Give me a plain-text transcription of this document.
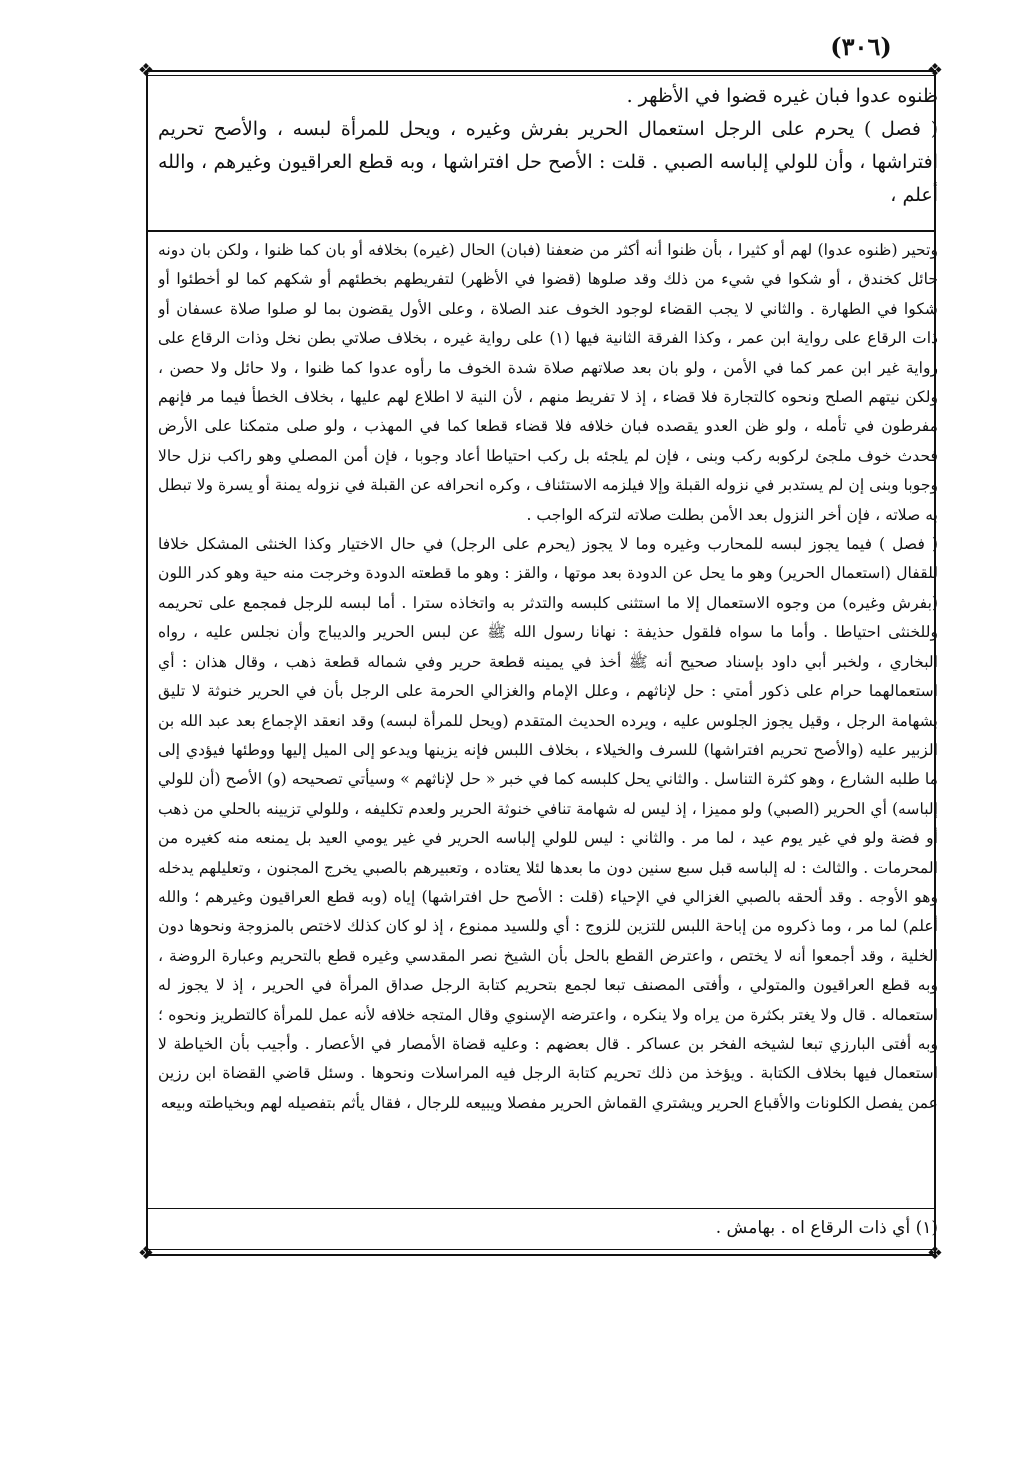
(٣٠٦)
❖	❖
❖	❖

ظنوه عدوا فبان غيره قضوا في الأظهر .

( فصل ) يحرم على الرجل استعمال الحرير بفرش وغيره ، ويحل للمرأة لبسه ، والأصح تحريم افتراشها ، وأن للولي إلباسه الصبي . قلت : الأصح حل افتراشها ، وبه قطع العراقيون وغيرهم ، والله أعلم ،

وتحير (ظنوه عدوا) لهم أو كثيرا ، بأن ظنوا أنه أكثر من ضعفنا (فبان) الحال (غيره) بخلافه أو بان كما ظنوا ، ولكن بان دونه حائل كخندق ، أو شكوا في شيء من ذلك وقد صلوها (قضوا في الأظهر) لتفريطهم بخطئهم أو شكهم كما لو أخطئوا أو شكوا في الطهارة . والثاني لا يجب القضاء لوجود الخوف عند الصلاة ، وعلى الأول يقضون بما لو صلوا صلاة عسفان أو ذات الرقاع على رواية ابن عمر ، وكذا الفرقة الثانية فيها (١) على رواية غيره ، بخلاف صلاتي بطن نخل وذات الرقاع على رواية غير ابن عمر كما في الأمن ، ولو بان بعد صلاتهم صلاة شدة الخوف ما رأوه عدوا كما ظنوا ، ولا حائل ولا حصن ، ولكن نيتهم الصلح ونحوه كالتجارة فلا قضاء ، إذ لا تفريط منهم ، لأن النية لا اطلاع لهم عليها ، بخلاف الخطأ فيما مر فإنهم مفرطون في تأمله ، ولو ظن العدو يقصده فبان خلافه فلا قضاء قطعا كما في المهذب ، ولو صلى متمكنا على الأرض فحدث خوف ملجئ لركوبه ركب وبنى ، فإن لم يلجئه بل ركب احتياطا أعاد وجوبا ، فإن أمن المصلي وهو راكب نزل حالا وجوبا وبنى إن لم يستدبر في نزوله القبلة وإلا فيلزمه الاستئناف ، وكره انحرافه عن القبلة في نزوله يمنة أو يسرة ولا تبطل به صلاته ، فإن أخر النزول بعد الأمن بطلت صلاته لتركه الواجب .

( فصل ) فيما يجوز لبسه للمحارب وغيره وما لا يجوز (يحرم على الرجل) في حال الاختيار وكذا الخنثى المشكل خلافا للقفال (استعمال الحرير) وهو ما يحل عن الدودة بعد موتها ، والقز : وهو ما قطعته الدودة وخرجت منه حية وهو كدر اللون (بفرش وغيره) من وجوه الاستعمال إلا ما استثنى كلبسه والتدثر به واتخاذه سترا . أما لبسه للرجل فمجمع على تحريمه وللخنثى احتياطا . وأما ما سواه فلقول حذيفة : نهانا رسول الله ﷺ عن لبس الحرير والديباج وأن نجلس عليه ، رواه البخاري ، ولخبر أبي داود بإسناد صحيح أنه ﷺ أخذ في يمينه قطعة حرير وفي شماله قطعة ذهب ، وقال هذان : أي استعمالهما حرام على ذكور أمتي : حل لإناثهم ، وعلل الإمام والغزالي الحرمة على الرجل بأن في الحرير خنوثة لا تليق بشهامة الرجل ، وقيل يجوز الجلوس عليه ، ويرده الحديث المتقدم (ويحل للمرأة لبسه) وقد انعقد الإجماع بعد عبد الله بن الزبير عليه (والأصح تحريم افتراشها) للسرف والخيلاء ، بخلاف اللبس فإنه يزينها ويدعو إلى الميل إليها ووطئها فيؤدي إلى ما طلبه الشارع ، وهو كثرة التناسل . والثاني يحل كلبسه كما في خبر « حل لإناثهم » وسيأتي تصحيحه (و) الأصح (أن للولي إلباسه) أي الحرير (الصبي) ولو مميزا ، إذ ليس له شهامة تنافي خنوثة الحرير ولعدم تكليفه ، وللولي تزيينه بالحلي من ذهب أو فضة ولو في غير يوم عيد ، لما مر . والثاني : ليس للولي إلباسه الحرير في غير يومي العيد بل يمنعه منه كغيره من المحرمات . والثالث : له إلباسه قبل سبع سنين دون ما بعدها لئلا يعتاده ، وتعبيرهم بالصبي يخرج المجنون ، وتعليلهم يدخله وهو الأوجه . وقد ألحقه بالصبي الغزالي في الإحياء (قلت : الأصح حل افتراشها) إياه (وبه قطع العراقيون وغيرهم ؛ والله أعلم) لما مر ، وما ذكروه من إباحة اللبس للتزين للزوج : أي وللسيد ممنوع ، إذ لو كان كذلك لاختص بالمزوجة ونحوها دون الخلية ، وقد أجمعوا أنه لا يختص ، واعترض القطع بالحل بأن الشيخ نصر المقدسي وغيره قطع بالتحريم وعبارة الروضة ، وبه قطع العراقيون والمتولي ، وأفتى المصنف تبعا لجمع بتحريم كتابة الرجل صداق المرأة في الحرير ، إذ لا يجوز له استعماله . قال ولا يغتر بكثرة من يراه ولا ينكره ، واعترضه الإسنوي وقال المتجه خلافه لأنه عمل للمرأة كالتطريز ونحوه ؛ وبه أفتى البارزي تبعا لشيخه الفخر بن عساكر . قال بعضهم : وعليه قضاة الأمصار في الأعصار . وأجيب بأن الخياطة لا استعمال فيها بخلاف الكتابة . ويؤخذ من ذلك تحريم كتابة الرجل فيه المراسلات ونحوها . وسئل قاضي القضاة ابن رزين عمن يفصل الكلونات والأقباع الحرير ويشتري القماش الحرير مفصلا ويبيعه للرجال ، فقال يأثم بتفصيله لهم وبخياطته وبيعه

(١) أي ذات الرقاع اه . بهامش .
